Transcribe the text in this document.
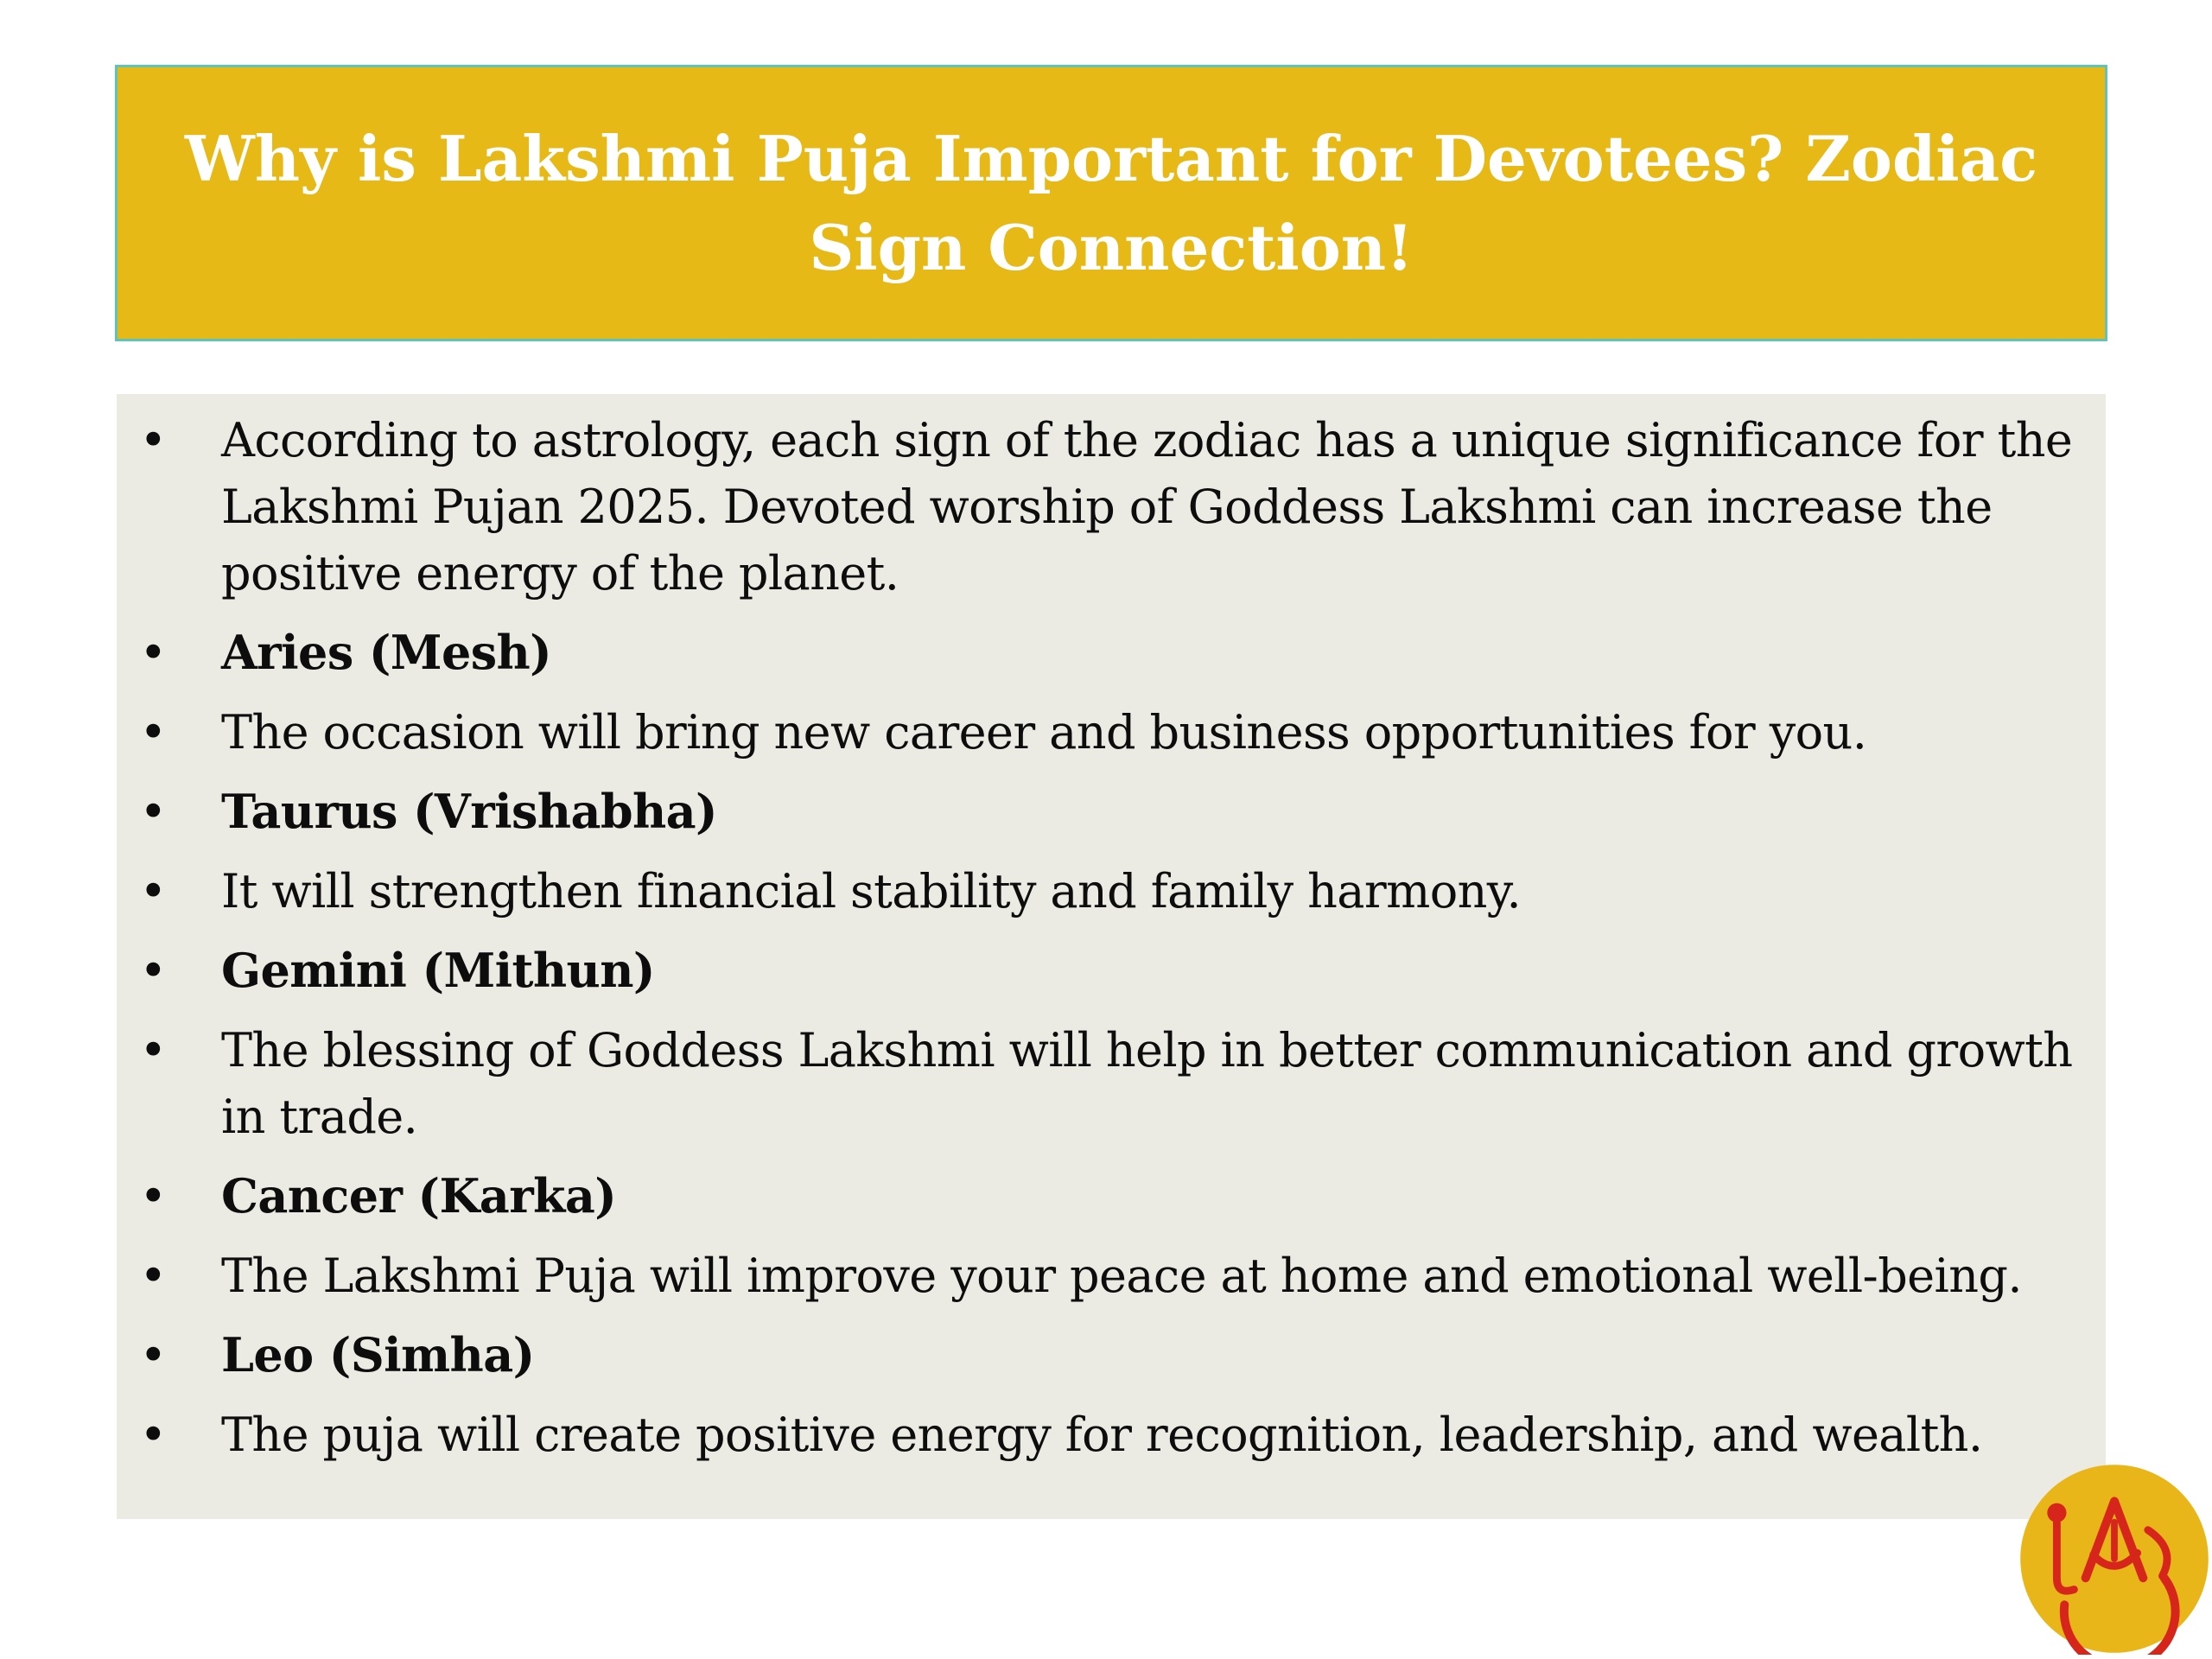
Why is Lakshmi Puja Important for Devotees? Zodiac Sign Connection!
• According to astrology, each sign of the zodiac has a unique significance for the Lakshmi Pujan 2025. Devoted worship of Goddess Lakshmi can increase the positive energy of the planet.
• Aries (Mesh)
• The occasion will bring new career and business opportunities for you.
• Taurus (Vrishabha)
• It will strengthen financial stability and family harmony.
• Gemini (Mithun)
• The blessing of Goddess Lakshmi will help in better communication and growth in trade.
• Cancer (Karka)
• The Lakshmi Puja will improve your peace at home and emotional well-being.
• Leo (Simha)
• The puja will create positive energy for recognition, leadership, and wealth.
